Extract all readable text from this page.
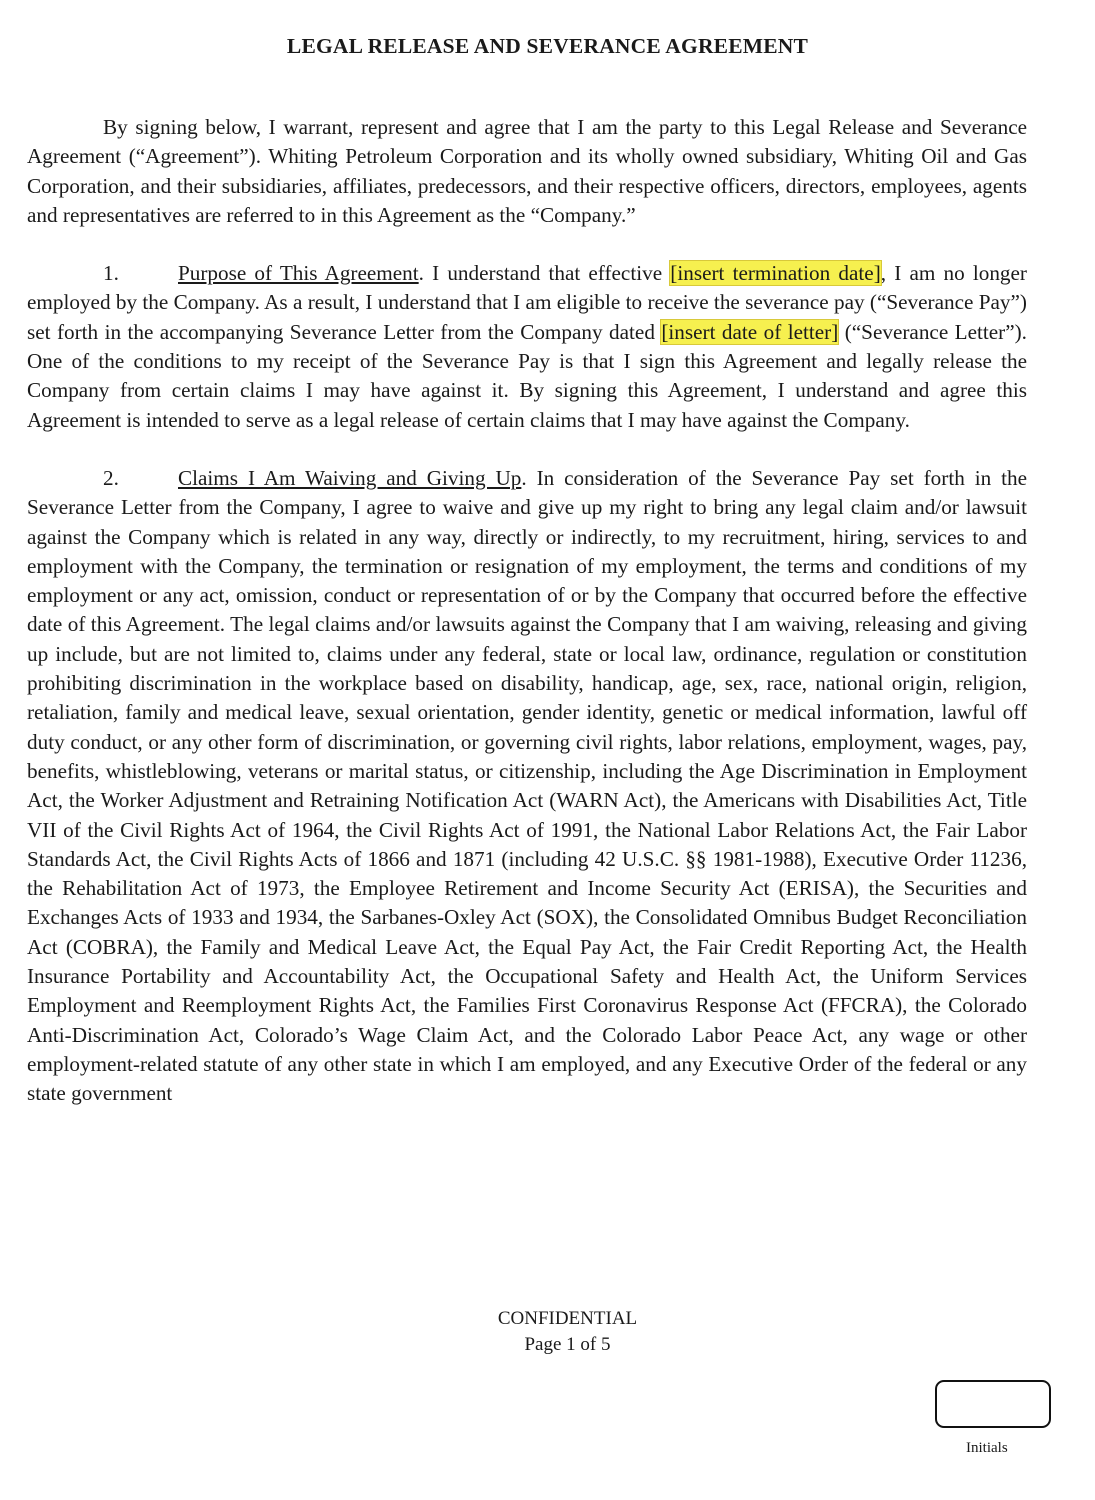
LEGAL RELEASE AND SEVERANCE AGREEMENT

By signing below, I warrant, represent and agree that I am the party to this Legal Release and Severance Agreement (“Agreement”). Whiting Petroleum Corporation and its wholly owned subsidiary, Whiting Oil and Gas Corporation, and their subsidiaries, affiliates, predecessors, and their respective officers, directors, employees, agents and representatives are referred to in this Agreement as the “Company.”

1.	Purpose of This Agreement. I understand that effective [insert termination date], I am no longer employed by the Company. As a result, I understand that I am eligible to receive the severance pay (“Severance Pay”) set forth in the accompanying Severance Letter from the Company dated [insert date of letter] (“Severance Letter”). One of the conditions to my receipt of the Severance Pay is that I sign this Agreement and legally release the Company from certain claims I may have against it. By signing this Agreement, I understand and agree this Agreement is intended to serve as a legal release of certain claims that I may have against the Company.

2.	Claims I Am Waiving and Giving Up. In consideration of the Severance Pay set forth in the Severance Letter from the Company, I agree to waive and give up my right to bring any legal claim and/or lawsuit against the Company which is related in any way, directly or indirectly, to my recruitment, hiring, services to and employment with the Company, the termination or resignation of my employment, the terms and conditions of my employment or any act, omission, conduct or representation of or by the Company that occurred before the effective date of this Agreement. The legal claims and/or lawsuits against the Company that I am waiving, releasing and giving up include, but are not limited to, claims under any federal, state or local law, ordinance, regulation or constitution prohibiting discrimination in the workplace based on disability, handicap, age, sex, race, national origin, religion, retaliation, family and medical leave, sexual orientation, gender identity, genetic or medical information, lawful off duty conduct, or any other form of discrimination, or governing civil rights, labor relations, employment, wages, pay, benefits, whistleblowing, veterans or marital status, or citizenship, including the Age Discrimination in Employment Act, the Worker Adjustment and Retraining Notification Act (WARN Act), the Americans with Disabilities Act, Title VII of the Civil Rights Act of 1964, the Civil Rights Act of 1991, the National Labor Relations Act, the Fair Labor Standards Act, the Civil Rights Acts of 1866 and 1871 (including 42 U.S.C. §§ 1981-1988), Executive Order 11236, the Rehabilitation Act of 1973, the Employee Retirement and Income Security Act (ERISA), the Securities and Exchanges Acts of 1933 and 1934, the Sarbanes-Oxley Act (SOX), the Consolidated Omnibus Budget Reconciliation Act (COBRA), the Family and Medical Leave Act, the Equal Pay Act, the Fair Credit Reporting Act, the Health Insurance Portability and Accountability Act, the Occupational Safety and Health Act, the Uniform Services Employment and Reemployment Rights Act, the Families First Coronavirus Response Act (FFCRA), the Colorado Anti-Discrimination Act, Colorado’s Wage Claim Act, and the Colorado Labor Peace Act, any wage or other employment-related statute of any other state in which I am employed, and any Executive Order of the federal or any state government

CONFIDENTIAL
Page 1 of 5
Initials
